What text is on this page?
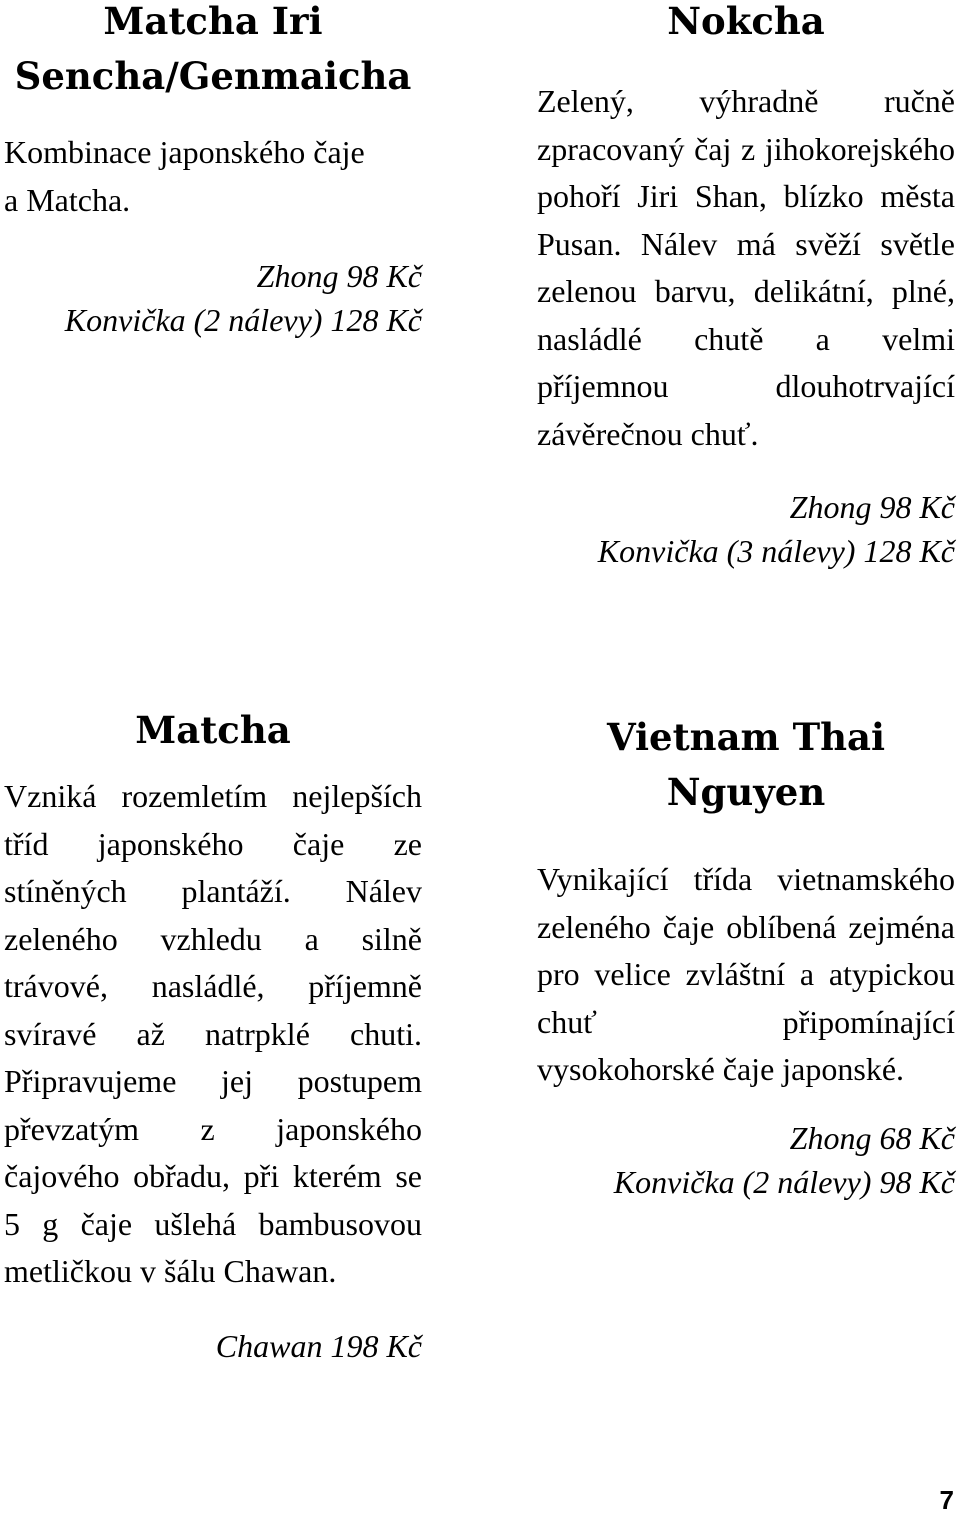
Matcha Iri
Sencha/Genmaicha

Kombinace japonského čaje a Matcha.

Zhong 98 Kč

Konvička (2 nálevy) 128 Kč

Nokcha

Zelený, výhradně ručně zpracovaný čaj z jihokorejského pohoří Jiri Shan, blízko města Pusan. Nálev má svěží světle zelenou barvu, delikátní, plné, nasládlé chutě a velmi příjemnou dlouhotrvající závěrečnou chuť.

Zhong 98 Kč

Konvička (3 nálevy) 128 Kč

Matcha

Vzniká rozemletím nejlepších tříd japonského čaje ze stíněných plantáží. Nálev zeleného vzhledu a silně trávové, nasládlé, příjemně svíravé až natrpklé chuti. Připravujeme jej postupem převzatým z japonského čajového obřadu, při kterém se 5 g čaje ušlehá bambusovou metličkou v šálu Chawan.

Chawan 198 Kč

Vietnam Thai
Nguyen

Vynikající třída vietnamského zeleného čaje oblíbená zejména pro velice zvláštní a atypickou chuť připomínající vysokohorské čaje japonské.

Zhong 68 Kč

Konvička (2 nálevy) 98 Kč

7
